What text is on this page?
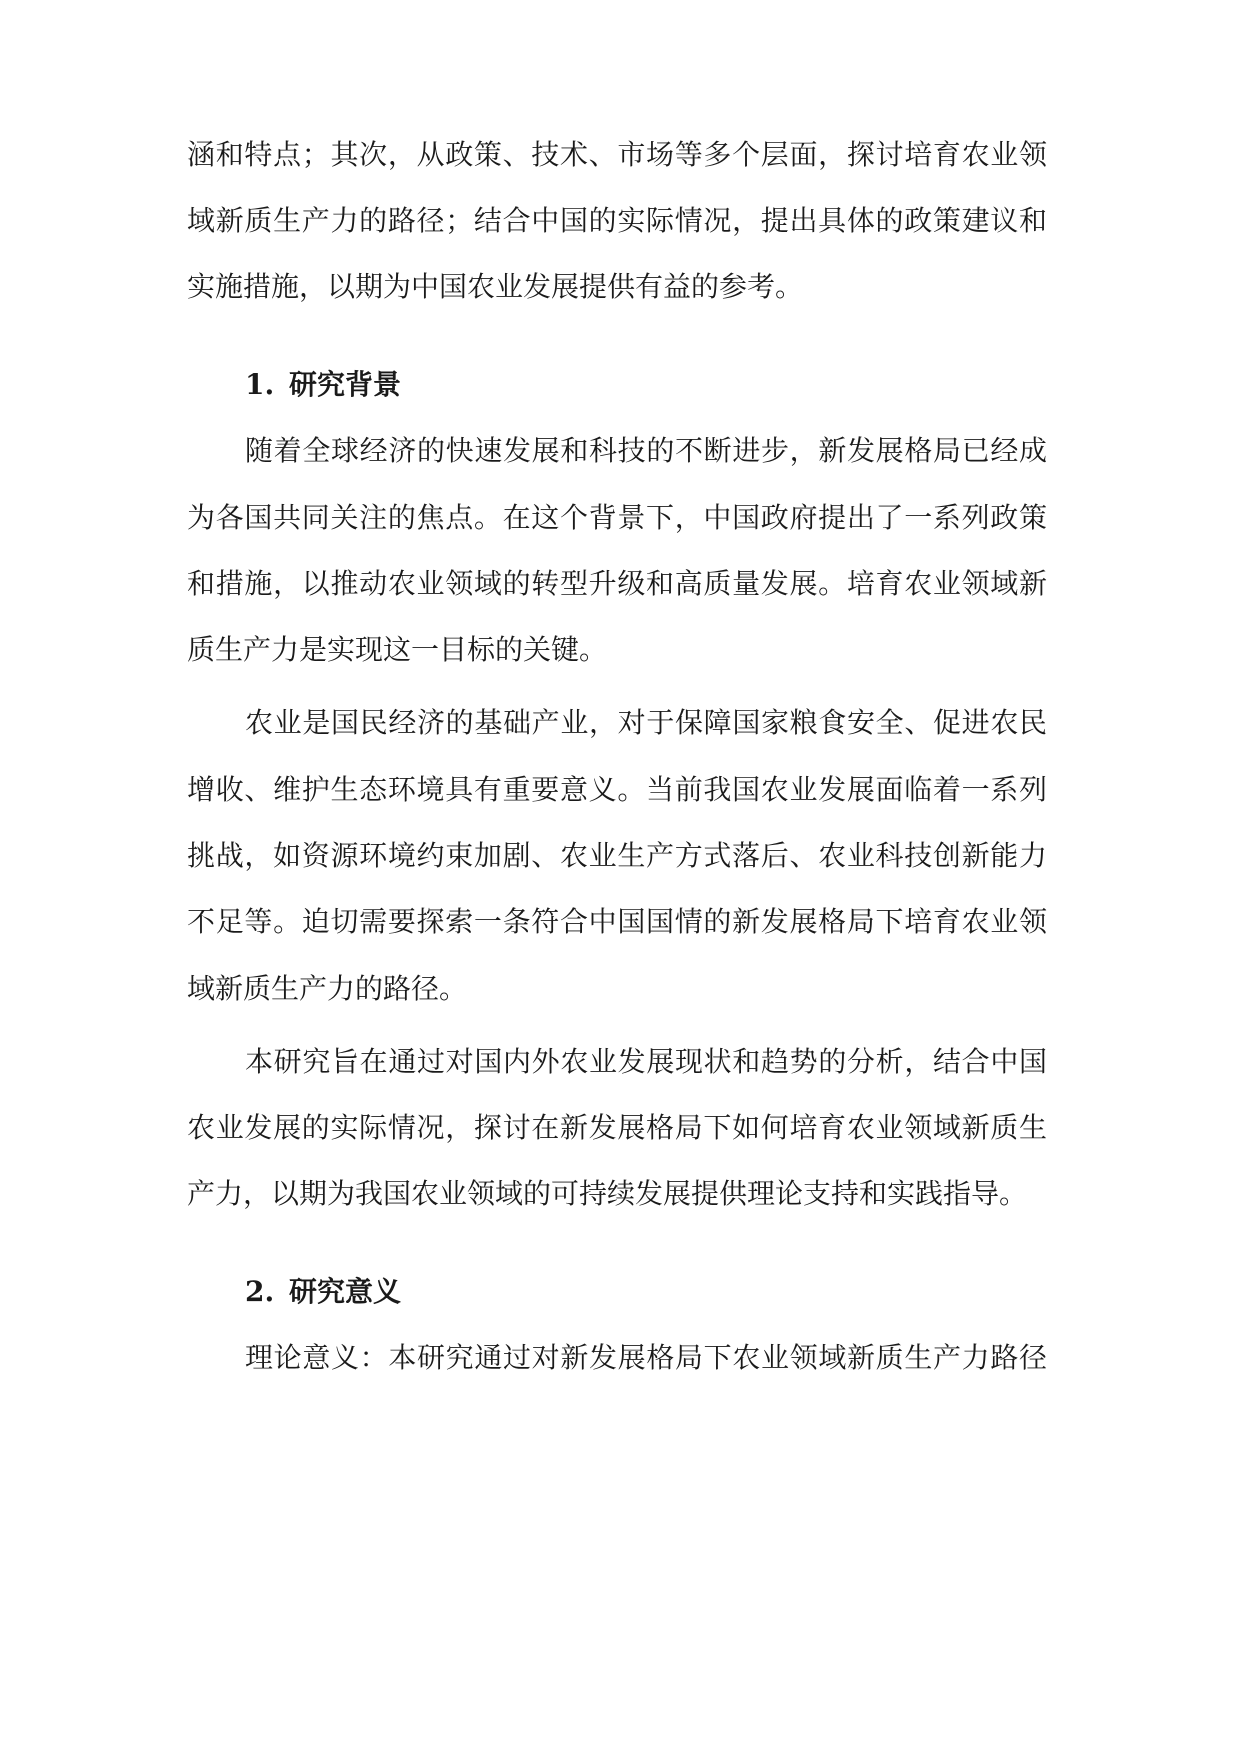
涵和特点；其次，从政策、技术、市场等多个层面，探讨培育农业领
域新质生产力的路径；结合中国的实际情况，提出具体的政策建议和
实施措施，以期为中国农业发展提供有益的参考。
1. 研究背景
随着全球经济的快速发展和科技的不断进步，新发展格局已经成
为各国共同关注的焦点。在这个背景下，中国政府提出了一系列政策
和措施，以推动农业领域的转型升级和高质量发展。培育农业领域新
质生产力是实现这一目标的关键。
农业是国民经济的基础产业，对于保障国家粮食安全、促进农民
增收、维护生态环境具有重要意义。当前我国农业发展面临着一系列
挑战，如资源环境约束加剧、农业生产方式落后、农业科技创新能力
不足等。迫切需要探索一条符合中国国情的新发展格局下培育农业领
域新质生产力的路径。
本研究旨在通过对国内外农业发展现状和趋势的分析，结合中国
农业发展的实际情况，探讨在新发展格局下如何培育农业领域新质生
产力，以期为我国农业领域的可持续发展提供理论支持和实践指导。
2. 研究意义
理论意义：本研究通过对新发展格局下农业领域新质生产力路径
